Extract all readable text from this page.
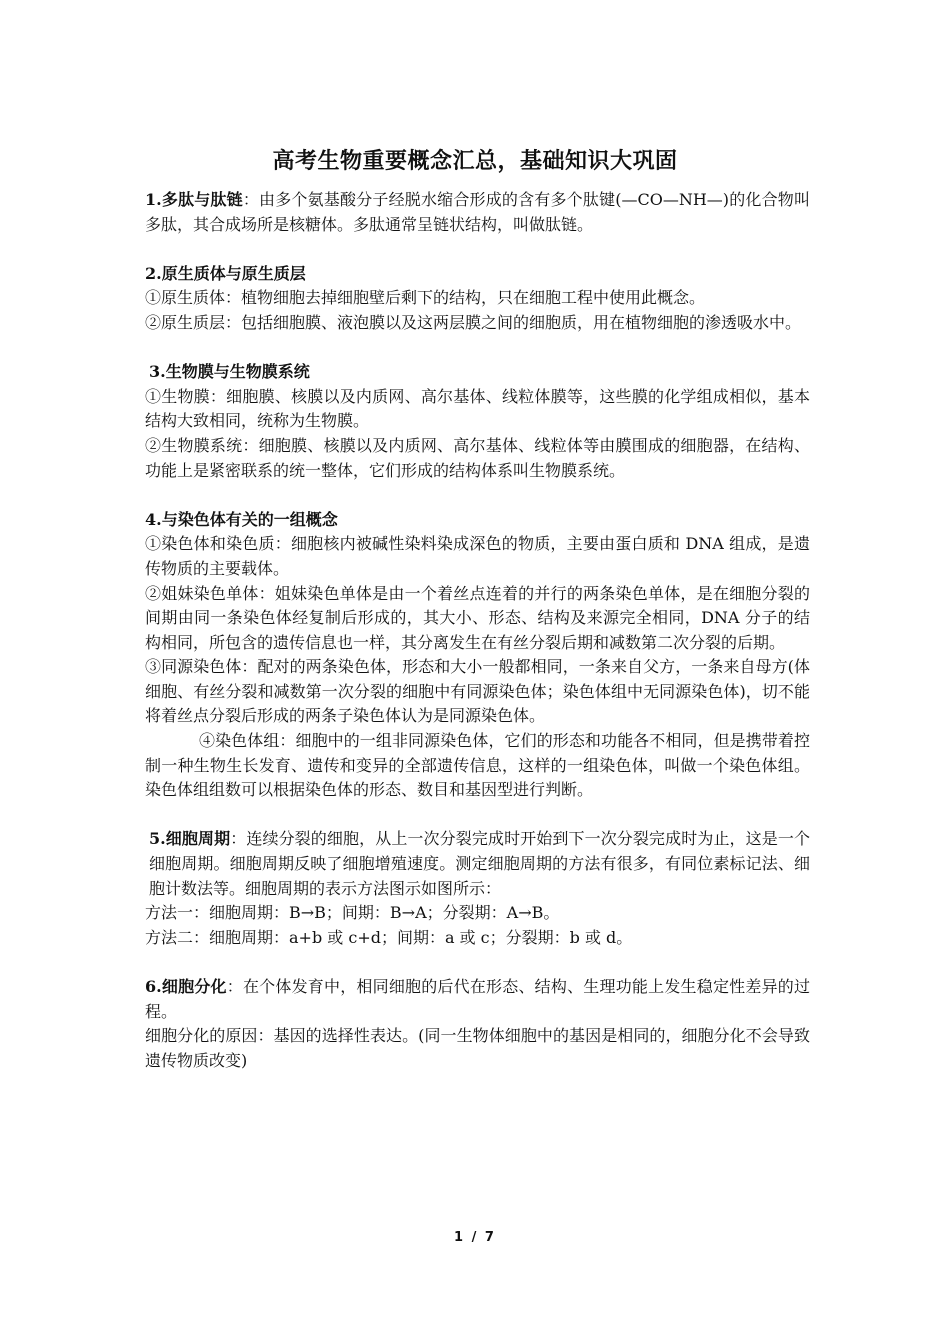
高考生物重要概念汇总，基础知识大巩固

1.多肽与肽链：由多个氨基酸分子经脱水缩合形成的含有多个肽键(—CO—NH—)的化合物叫多肽，其合成场所是核糖体。多肽通常呈链状结构，叫做肽链。

2.原生质体与原生质层

①原生质体：植物细胞去掉细胞壁后剩下的结构，只在细胞工程中使用此概念。

②原生质层：包括细胞膜、液泡膜以及这两层膜之间的细胞质，用在植物细胞的渗透吸水中。

3.生物膜与生物膜系统

①生物膜：细胞膜、核膜以及内质网、高尔基体、线粒体膜等，这些膜的化学组成相似，基本结构大致相同，统称为生物膜。

②生物膜系统：细胞膜、核膜以及内质网、高尔基体、线粒体等由膜围成的细胞器，在结构、功能上是紧密联系的统一整体，它们形成的结构体系叫生物膜系统。

4.与染色体有关的一组概念

①染色体和染色质：细胞核内被碱性染料染成深色的物质，主要由蛋白质和 DNA 组成，是遗传物质的主要载体。

②姐妹染色单体：姐妹染色单体是由一个着丝点连着的并行的两条染色单体，是在细胞分裂的间期由同一条染色体经复制后形成的，其大小、形态、结构及来源完全相同，DNA 分子的结构相同，所包含的遗传信息也一样，其分离发生在有丝分裂后期和减数第二次分裂的后期。

③同源染色体：配对的两条染色体，形态和大小一般都相同，一条来自父方，一条来自母方(体细胞、有丝分裂和减数第一次分裂的细胞中有同源染色体；染色体组中无同源染色体)，切不能将着丝点分裂后形成的两条子染色体认为是同源染色体。

④染色体组：细胞中的一组非同源染色体，它们的形态和功能各不相同，但是携带着控制一种生物生长发育、遗传和变异的全部遗传信息，这样的一组染色体，叫做一个染色体组。染色体组组数可以根据染色体的形态、数目和基因型进行判断。

5.细胞周期：连续分裂的细胞，从上一次分裂完成时开始到下一次分裂完成时为止，这是一个细胞周期。细胞周期反映了细胞增殖速度。测定细胞周期的方法有很多，有同位素标记法、细胞计数法等。细胞周期的表示方法图示如图所示：

方法一：细胞周期：B→B；间期：B→A；分裂期：A→B。

方法二：细胞周期：a+b 或 c+d；间期：a 或 c；分裂期：b 或 d。

6.细胞分化：在个体发育中，相同细胞的后代在形态、结构、生理功能上发生稳定性差异的过程。

细胞分化的原因：基因的选择性表达。(同一生物体细胞中的基因是相同的，细胞分化不会导致遗传物质改变)

1 / 7
